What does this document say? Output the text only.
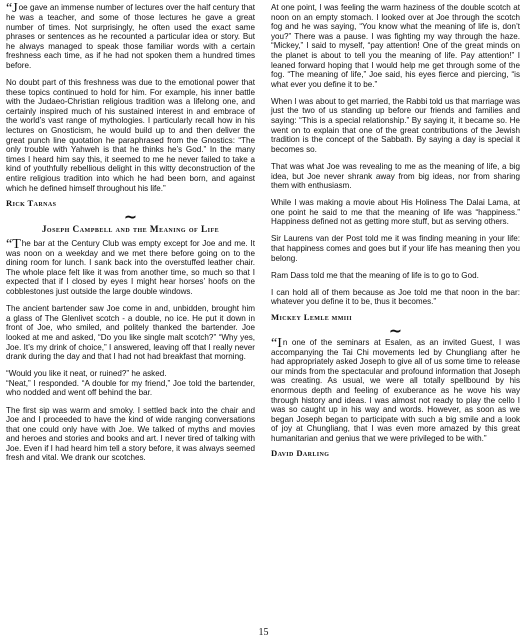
“Joe gave an immense number of lectures over the half century that he was a teacher, and some of those lectures he gave a great number of times. Not surprisingly, he often used the exact same phrases or sentences as he recounted a particular idea or story. But he always managed to speak those familiar words with a certain freshness each time, as if he had not spoken them a hundred times before.

No doubt part of this freshness was due to the emotional power that these topics continued to hold for him. For example, his inner battle with the Judaeo-Christian religious tradition was a lifelong one, and certainly inspired much of his sustained interest in and embrace of the world’s vast range of mythologies. I particularly recall how in his lectures on Gnosticism, he would build up to and then deliver the great punch line quotation he paraphrased from the Gnostics: “The only trouble with Yahweh is that he thinks he’s God.” In the many times I heard him say this, it seemed to me he never failed to take a kind of youthfully rebellious delight in this witty deconstruction of the entire religious tradition into which he had been born, and against which he defined himself throughout his life.”

Rick Tarnas
~
Joseph Campbell and the Meaning of Life

“The bar at the Century Club was empty except for Joe and me. It was noon on a weekday and we met there before going on to the dining room for lunch. I sank back into the overstuffed leather chair. The whole place felt like it was from another time, so much so that I expected that if I closed by eyes I might hear horses’ hoofs on the cobblestones just outside the large double windows.

The ancient bartender saw Joe come in and, unbidden, brought him a glass of The Glenlivet scotch - a double, no ice. He put it down in front of Joe, who smiled, and politely thanked the bartender. Joe looked at me and asked, “Do you like single malt scotch?” “Why yes, Joe. It’s my drink of choice,” I answered, leaving off that I really never drank during the day and that I had not had breakfast that morning.

“Would you like it neat, or ruined?” he asked.

“Neat,” I responded. “A double for my friend,” Joe told the bartender, who nodded and went off behind the bar.

The first sip was warm and smoky. I settled back into the chair and Joe and I proceeded to have the kind of wide ranging conversations that one could only have with Joe. We talked of myths and movies and heroes and stories and books and art. I never tired of talking with Joe. Even if I had heard him tell a story before, it was always seemed fresh and vital. We drank our scotches.

At one point, I was feeling the warm haziness of the double scotch at noon on an empty stomach. I looked over at Joe through the scotch fog and he was saying, “You know what the meaning of life is, don’t you?” There was a pause. I was fighting my way through the haze. “Mickey,” I said to myself, “pay attention! One of the great minds on the planet is about to tell you the meaning of life. Pay attention!” I leaned forward hoping that I would help me get through some of the fog. “The meaning of life,” Joe said, his eyes fierce and piercing, “is what ever you define it to be.”

When I was about to get married, the Rabbi told us that marriage was just the two of us standing up before our friends and families and saying: “This is a special relationship.” By saying it, it became so. He went on to explain that one of the great contributions of the Jewish tradition is the concept of the Sabbath. By saying a day is special it becomes so.

That was what Joe was revealing to me as the meaning of life, a big idea, but Joe never shrank away from big ideas, nor from sharing them with enthusiasm.

While I was making a movie about His Holiness The Dalai Lama, at one point he said to me that the meaning of life was “happiness.” Happiness defined not as getting more stuff, but as serving others.

Sir Laurens van der Post told me it was finding meaning in your life: that happiness comes and goes but if your life has meaning then you belong.

Ram Dass told me that the meaning of life is to go to God.

I can hold all of them because as Joe told me that noon in the bar: whatever you define it to be, thus it becomes.”

Mickey Lemle mmiii
~

“In one of the seminars at Esalen, as an invited Guest, I was accompanying the Tai Chi movements led by Chungliang after he had appropriately asked Joseph to give all of us some time to release our minds from the spectacular and profound information that Joseph was creating. As usual, we were all totally spellbound by his enormous depth and feeling of exuberance as he wove his way through history and ideas. I was almost not ready to play the cello I was so caught up in his way and words. However, as soon as we began Joseph began to participate with such a big smile and a look of joy at Chungliang, that I was even more amazed by this great humanitarian and genius that we were privileged to be with.”

David Darling
15
